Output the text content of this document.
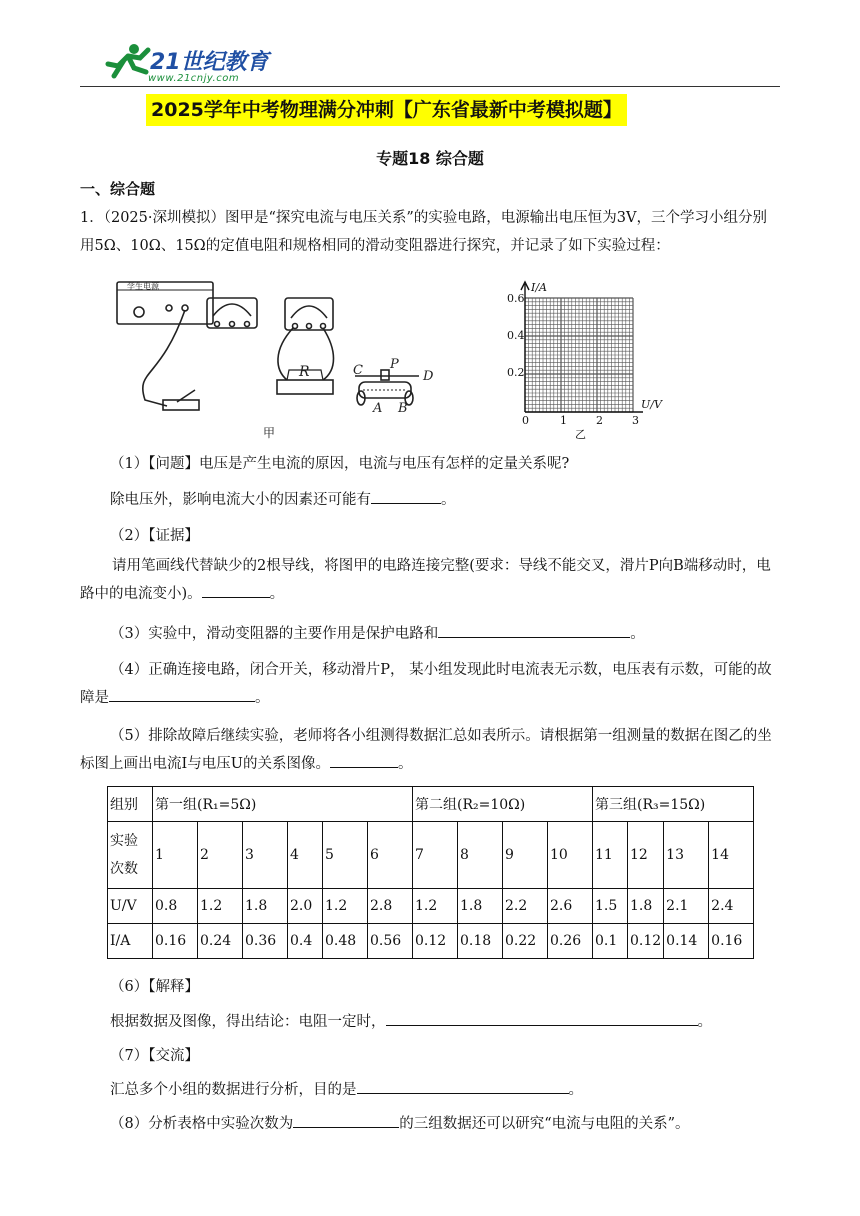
21世纪教育
www.21cnjy.com
2025学年中考物理满分冲刺【广东省最新中考模拟题】
专题18 综合题
一、综合题
1．（2025·深圳模拟）图甲是“探究电流与电压关系”的实验电路，电源输出电压恒为3V，三个学习小组分别用5Ω、10Ω、15Ω的定值电阻和规格相同的滑动变阻器进行探究，并记录了如下实验过程：
学生电源
R	C P
D
A B
甲
I/A
U/V
0.6
0.4
0.2
0	1	2	3
乙
（1）【问题】电压是产生电流的原因，电流与电压有怎样的定量关系呢?
除电压外，影响电流大小的因素还可能有	。
（2）【证据】
请用笔画线代替缺少的2根导线，将图甲的电路连接完整(要求：导线不能交叉，滑片P向B端移动时，电路中的电流变小)。	。
（3）实验中，滑动变阻器的主要作用是保护电路和	。
（4）正确连接电路，闭合开关，移动滑片P， 某小组发现此时电流表无示数，电压表有示数，可能的故障是	。
（5）排除故障后继续实验，老师将各小组测得数据汇总如表所示。请根据第一组测量的数据在图乙的坐标图上画出电流I与电压U的关系图像。	。
组别	第一组(R₁=5Ω)						第二组(R₂=10Ω)				第三组(R₃=15Ω)			
实验次数	1	2	3	4	5	6	7	8	9	10	11	12	13	14
U/V	0.8	1.2	1.8	2.0	1.2	2.8	1.2	1.8	2.2	2.6	1.5	1.8	2.1	2.4
I/A	0.16	0.24	0.36	0.4	0.48	0.56	0.12	0.18	0.22	0.26	0.1	0.12	0.14	0.16
（6）【解释】
根据数据及图像，得出结论：电阻一定时，	。
（7）【交流】
汇总多个小组的数据进行分析，目的是	。
（8）分析表格中实验次数为	的三组数据还可以研究“电流与电阻的关系”。
